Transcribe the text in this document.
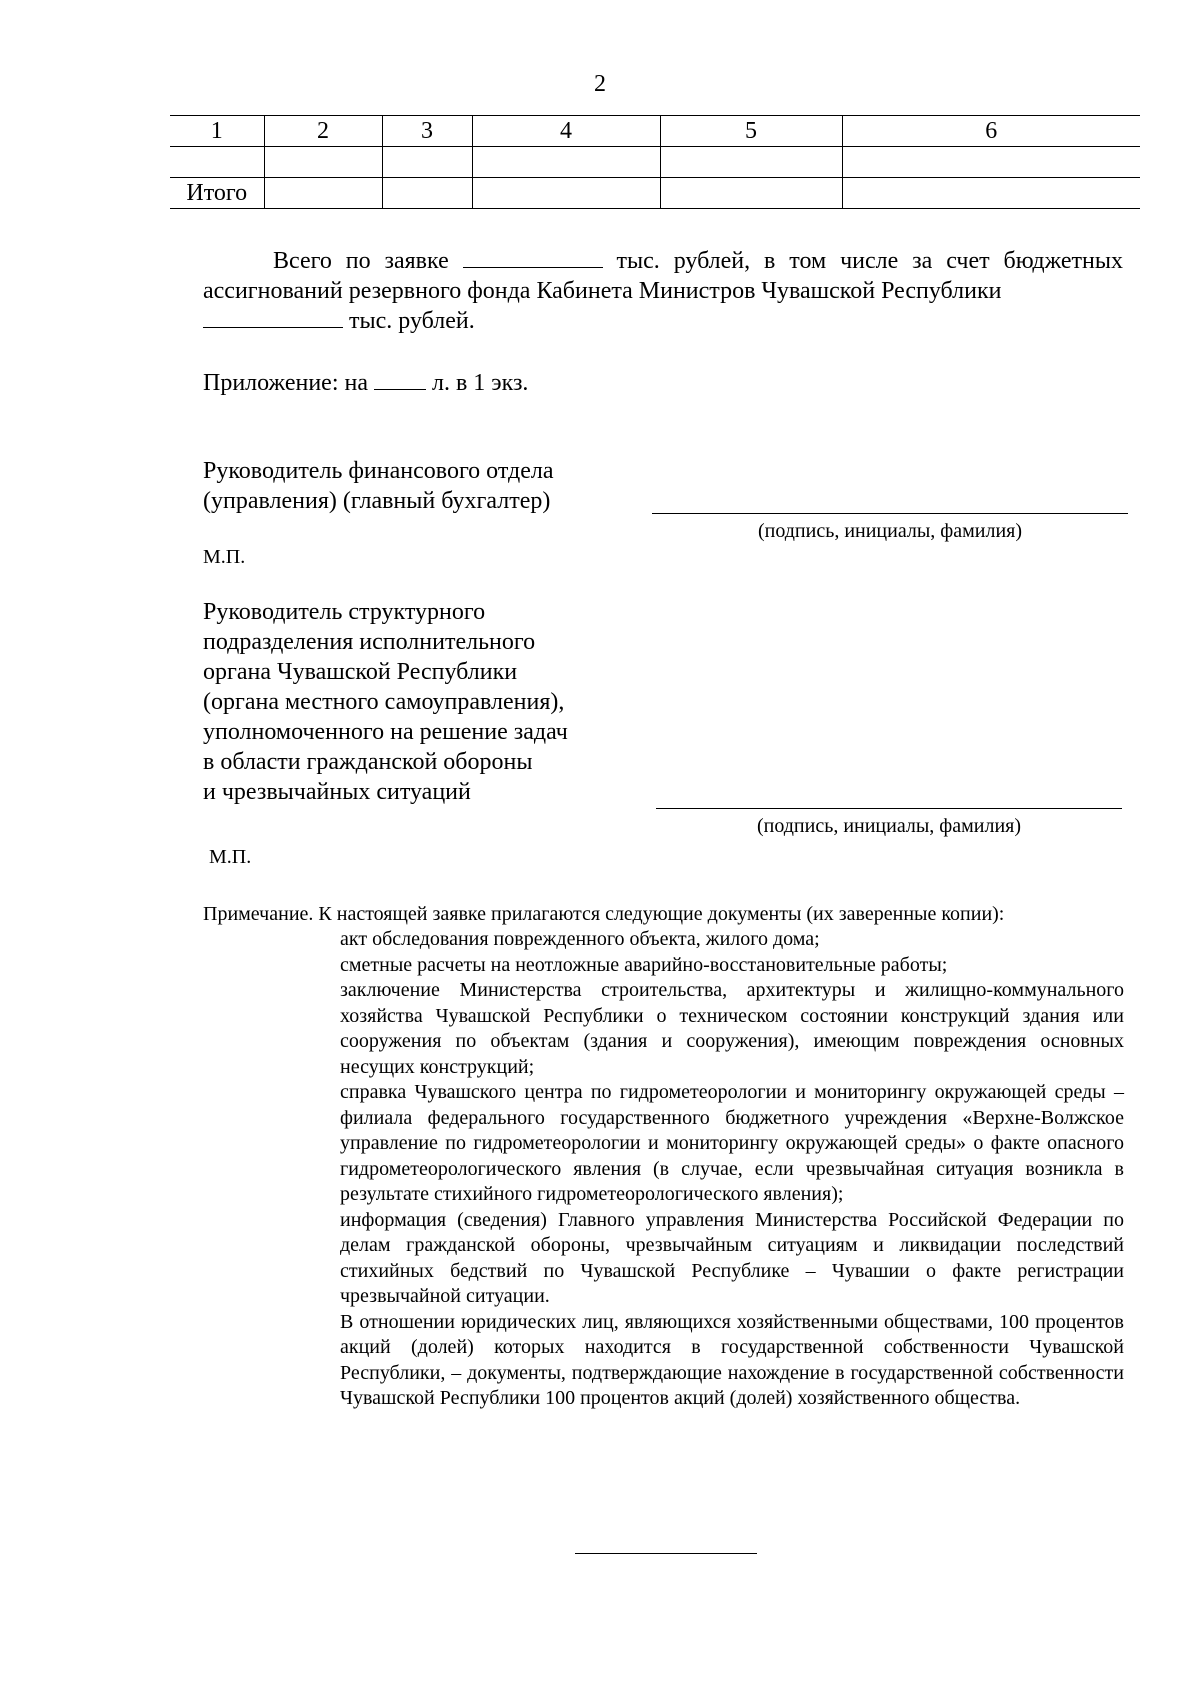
2
1	2	3	4	5	6

Итого					
Всего по заявке	тыс. рублей, в том числе за счет бюджетных ассигнований резервного фонда Кабинета Министров Чувашской Республики
тыс. рублей.
Приложение: на	л. в 1 экз.
Руководитель финансового отдела
(управления) (главный бухгалтер)
(подпись, инициалы, фамилия)
М.П.
Руководитель структурного
подразделения исполнительного
органа Чувашской Республики
(органа местного самоуправления),
уполномоченного на решение задач
в области гражданской обороны
и чрезвычайных ситуаций
(подпись, инициалы, фамилия)
М.П.
Примечание. К настоящей заявке прилагаются следующие документы (их заверенные копии):

акт обследования поврежденного объекта, жилого дома;

сметные расчеты на неотложные аварийно-восстановительные работы;

заключение Министерства строительства, архитектуры и жилищно-коммунального хозяйства Чувашской Республики о техническом состоянии конструкций здания или сооружения по объектам (здания и сооружения), имеющим повреждения основных несущих конструкций;

справка Чувашского центра по гидрометеорологии и мониторингу окружающей среды – филиала федерального государственного бюджетного учреждения «Верхне-Волжское управление по гидрометеорологии и мониторингу окружающей среды» о факте опасного гидрометеорологического явления (в случае, если чрезвычайная ситуация возникла в результате стихийного гидрометеорологического явления);

информация (сведения) Главного управления Министерства Российской Федерации по делам гражданской обороны, чрезвычайным ситуациям и ликвидации последствий стихийных бедствий по Чувашской Республике – Чувашии о факте регистрации чрезвычайной ситуации.

В отношении юридических лиц, являющихся хозяйственными обществами, 100 процентов акций (долей) которых находится в государственной собственности Чувашской Республики, – документы, подтверждающие нахождение в государственной собственности Чувашской Республики 100 процентов акций (долей) хозяйственного общества.
